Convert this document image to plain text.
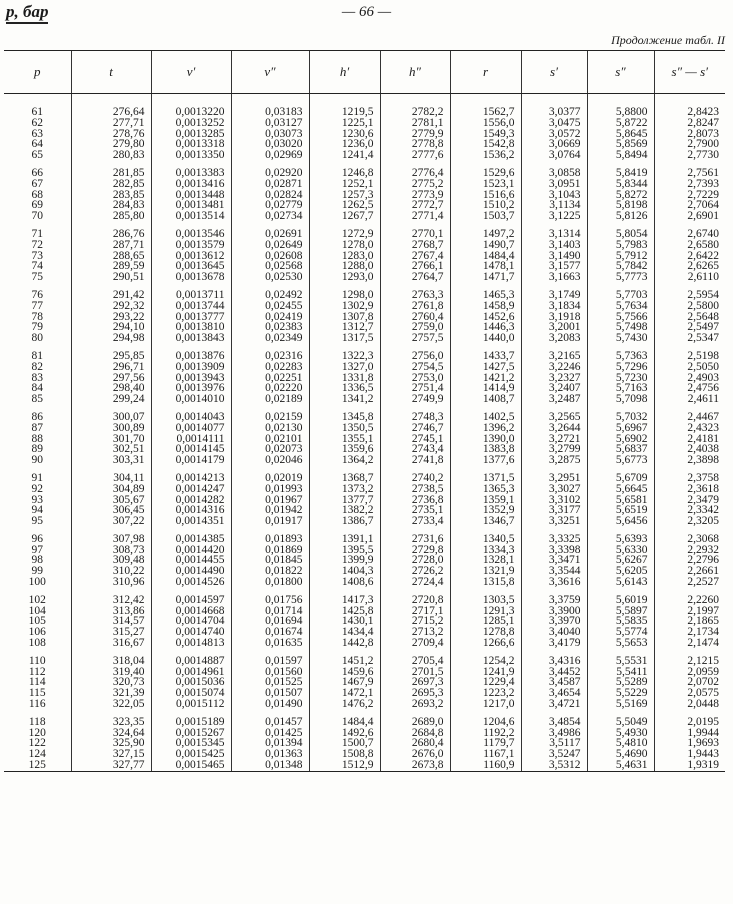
p, бар	— 66 —
Продолжение табл. II
p	t	v′	v″	h′	h″	r	s′	s″	s″ — s′
61	276,64	0,0013220	0,03183	1219,5	2782,2	1562,7	3,0377	5,8800	2,8423
62	277,71	0,0013252	0,03127	1225,1	2781,1	1556,0	3,0475	5,8722	2,8247
63	278,76	0,0013285	0,03073	1230,6	2779,9	1549,3	3,0572	5,8645	2,8073
64	279,80	0,0013318	0,03020	1236,0	2778,8	1542,8	3,0669	5,8569	2,7900
65	280,83	0,0013350	0,02969	1241,4	2777,6	1536,2	3,0764	5,8494	2,7730

66	281,85	0,0013383	0,02920	1246,8	2776,4	1529,6	3,0858	5,8419	2,7561
67	282,85	0,0013416	0,02871	1252,1	2775,2	1523,1	3,0951	5,8344	2,7393
68	283,85	0,0013448	0,02824	1257,3	2773,9	1516,6	3,1043	5,8272	2,7229
69	284,83	0,0013481	0,02779	1262,5	2772,7	1510,2	3,1134	5,8198	2,7064
70	285,80	0,0013514	0,02734	1267,7	2771,4	1503,7	3,1225	5,8126	2,6901

71	286,76	0,0013546	0,02691	1272,9	2770,1	1497,2	3,1314	5,8054	2,6740
72	287,71	0,0013579	0,02649	1278,0	2768,7	1490,7	3,1403	5,7983	2,6580
73	288,65	0,0013612	0,02608	1283,0	2767,4	1484,4	3,1490	5,7912	2,6422
74	289,59	0,0013645	0,02568	1288,0	2766,1	1478,1	3,1577	5,7842	2,6265
75	290,51	0,0013678	0,02530	1293,0	2764,7	1471,7	3,1663	5,7773	2,6110

76	291,42	0,0013711	0,02492	1298,0	2763,3	1465,3	3,1749	5,7703	2,5954
77	292,32	0,0013744	0,02455	1302,9	2761,8	1458,9	3,1834	5,7634	2,5800
78	293,22	0,0013777	0,02419	1307,8	2760,4	1452,6	3,1918	5,7566	2,5648
79	294,10	0,0013810	0,02383	1312,7	2759,0	1446,3	3,2001	5,7498	2,5497
80	294,98	0,0013843	0,02349	1317,5	2757,5	1440,0	3,2083	5,7430	2,5347

81	295,85	0,0013876	0,02316	1322,3	2756,0	1433,7	3,2165	5,7363	2,5198
82	296,71	0,0013909	0,02283	1327,0	2754,5	1427,5	3,2246	5,7296	2,5050
83	297,56	0,0013943	0,02251	1331,8	2753,0	1421,2	3,2327	5,7230	2,4903
84	298,40	0,0013976	0,02220	1336,5	2751,4	1414,9	3,2407	5,7163	2,4756
85	299,24	0,0014010	0,02189	1341,2	2749,9	1408,7	3,2487	5,7098	2,4611

86	300,07	0,0014043	0,02159	1345,8	2748,3	1402,5	3,2565	5,7032	2,4467
87	300,89	0,0014077	0,02130	1350,5	2746,7	1396,2	3,2644	5,6967	2,4323
88	301,70	0,0014111	0,02101	1355,1	2745,1	1390,0	3,2721	5,6902	2,4181
89	302,51	0,0014145	0,02073	1359,6	2743,4	1383,8	3,2799	5,6837	2,4038
90	303,31	0,0014179	0,02046	1364,2	2741,8	1377,6	3,2875	5,6773	2,3898

91	304,11	0,0014213	0,02019	1368,7	2740,2	1371,5	3,2951	5,6709	2,3758
92	304,89	0,0014247	0,01993	1373,2	2738,5	1365,3	3,3027	5,6645	2,3618
93	305,67	0,0014282	0,01967	1377,7	2736,8	1359,1	3,3102	5,6581	2,3479
94	306,45	0,0014316	0,01942	1382,2	2735,1	1352,9	3,3177	5,6519	2,3342
95	307,22	0,0014351	0,01917	1386,7	2733,4	1346,7	3,3251	5,6456	2,3205

96	307,98	0,0014385	0,01893	1391,1	2731,6	1340,5	3,3325	5,6393	2,3068
97	308,73	0,0014420	0,01869	1395,5	2729,8	1334,3	3,3398	5,6330	2,2932
98	309,48	0,0014455	0,01845	1399,9	2728,0	1328,1	3,3471	5,6267	2,2796
99	310,22	0,0014490	0,01822	1404,3	2726,2	1321,9	3,3544	5,6205	2,2661
100	310,96	0,0014526	0,01800	1408,6	2724,4	1315,8	3,3616	5,6143	2,2527

102	312,42	0,0014597	0,01756	1417,3	2720,8	1303,5	3,3759	5,6019	2,2260
104	313,86	0,0014668	0,01714	1425,8	2717,1	1291,3	3,3900	5,5897	2,1997
105	314,57	0,0014704	0,01694	1430,1	2715,2	1285,1	3,3970	5,5835	2,1865
106	315,27	0,0014740	0,01674	1434,4	2713,2	1278,8	3,4040	5,5774	2,1734
108	316,67	0,0014813	0,01635	1442,8	2709,4	1266,6	3,4179	5,5653	2,1474

110	318,04	0,0014887	0,01597	1451,2	2705,4	1254,2	3,4316	5,5531	2,1215
112	319,40	0,0014961	0,01560	1459,6	2701,5	1241,9	3,4452	5,5411	2,0959
114	320,73	0,0015036	0,01525	1467,9	2697,3	1229,4	3,4587	5,5289	2,0702
115	321,39	0,0015074	0,01507	1472,1	2695,3	1223,2	3,4654	5,5229	2,0575
116	322,05	0,0015112	0,01490	1476,2	2693,2	1217,0	3,4721	5,5169	2,0448

118	323,35	0,0015189	0,01457	1484,4	2689,0	1204,6	3,4854	5,5049	2,0195
120	324,64	0,0015267	0,01425	1492,6	2684,8	1192,2	3,4986	5,4930	1,9944
122	325,90	0,0015345	0,01394	1500,7	2680,4	1179,7	3,5117	5,4810	1,9693
124	327,15	0,0015425	0,01363	1508,8	2676,0	1167,1	3,5247	5,4690	1,9443
125	327,77	0,0015465	0,01348	1512,9	2673,8	1160,9	3,5312	5,4631	1,9319
